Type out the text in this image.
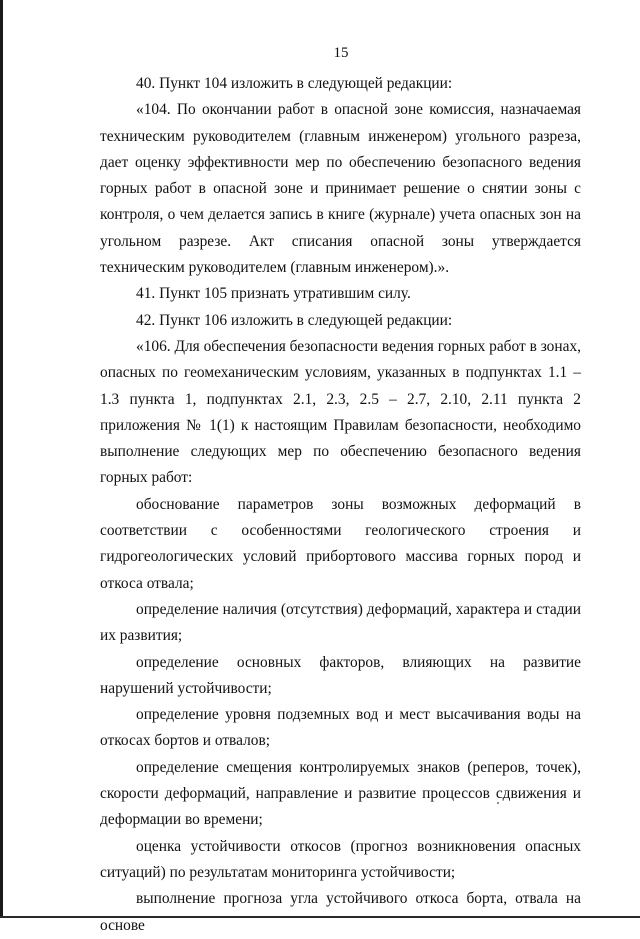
15

40. Пункт 104 изложить в следующей редакции:

«104. По окончании работ в опасной зоне комиссия, назначаемая техническим руководителем (главным инженером) угольного разреза, дает оценку эффективности мер по обеспечению безопасного ведения горных работ в опасной зоне и принимает решение о снятии зоны с контроля, о чем делается запись в книге (журнале) учета опасных зон на угольном разрезе. Акт списания опасной зоны утверждается техническим руководителем (главным инженером).».

41. Пункт 105 признать утратившим силу.

42. Пункт 106 изложить в следующей редакции:

«106. Для обеспечения безопасности ведения горных работ в зонах, опасных по геомеханическим условиям, указанных в подпунктах 1.1 – 1.3 пункта 1, подпунктах 2.1, 2.3, 2.5 – 2.7, 2.10, 2.11 пункта 2 приложения № 1(1) к настоящим Правилам безопасности, необходимо выполнение следующих мер по обеспечению безопасного ведения горных работ:

обоснование параметров зоны возможных деформаций в соответствии с особенностями геологического строения и гидрогеологических условий прибортового массива горных пород и откоса отвала;

определение наличия (отсутствия) деформаций, характера и стадии их развития;

определение основных факторов, влияющих на развитие нарушений устойчивости;

определение уровня подземных вод и мест высачивания воды на откосах бортов и отвалов;

определение смещения контролируемых знаков (реперов, точек), скорости деформаций, направление и развитие процессов сдвижения и деформации во времени;

оценка устойчивости откосов (прогноз возникновения опасных ситуаций) по результатам мониторинга устойчивости;

выполнение прогноза угла устойчивого откоса борта, отвала на основе
